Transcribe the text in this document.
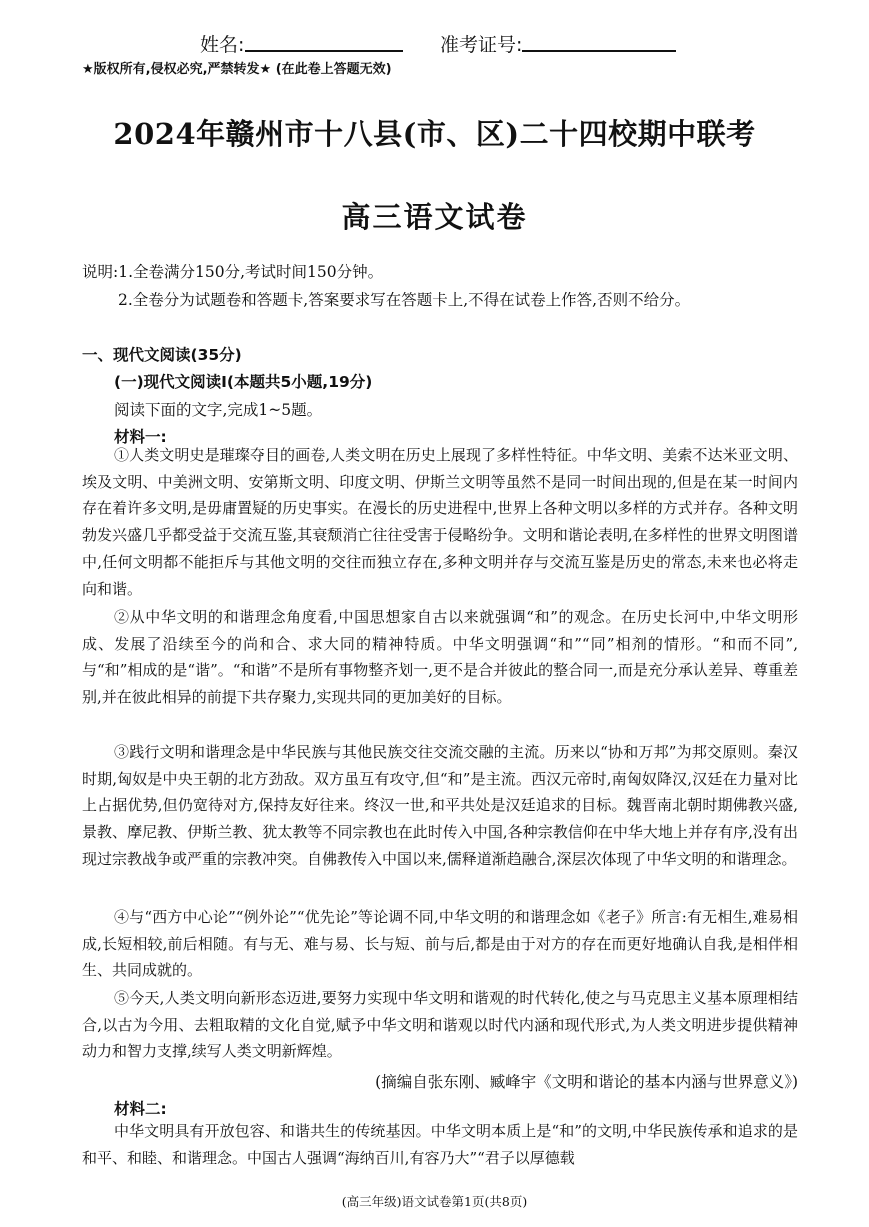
姓名:	准考证号:
★版权所有,侵权必究,严禁转发★ (在此卷上答题无效)
2024年赣州市十八县(市、区)二十四校期中联考
高三语文试卷
说明:1.全卷满分150分,考试时间150分钟。
2.全卷分为试题卷和答题卡,答案要求写在答题卡上,不得在试卷上作答,否则不给分。
一、现代文阅读(35分)
(一)现代文阅读Ⅰ(本题共5小题,19分)
阅读下面的文字,完成1~5题。
材料一:

①人类文明史是璀璨夺目的画卷,人类文明在历史上展现了多样性特征。中华文明、美索不达米亚文明、埃及文明、中美洲文明、安第斯文明、印度文明、伊斯兰文明等虽然不是同一时间出现的,但是在某一时间内存在着许多文明,是毋庸置疑的历史事实。在漫长的历史进程中,世界上各种文明以多样的方式并存。各种文明勃发兴盛几乎都受益于交流互鉴,其衰颓消亡往往受害于侵略纷争。文明和谐论表明,在多样性的世界文明图谱中,任何文明都不能拒斥与其他文明的交往而独立存在,多种文明并存与交流互鉴是历史的常态,未来也必将走向和谐。

②从中华文明的和谐理念角度看,中国思想家自古以来就强调“和”的观念。在历史长河中,中华文明形成、发展了沿续至今的尚和合、求大同的精神特质。中华文明强调“和”“同”相剂的情形。“和而不同”,与“和”相成的是“谐”。“和谐”不是所有事物整齐划一,更不是合并彼此的整合同一,而是充分承认差异、尊重差别,并在彼此相异的前提下共存聚力,实现共同的更加美好的目标。

③践行文明和谐理念是中华民族与其他民族交往交流交融的主流。历来以“协和万邦”为邦交原则。秦汉时期,匈奴是中央王朝的北方劲敌。双方虽互有攻守,但“和”是主流。西汉元帝时,南匈奴降汉,汉廷在力量对比上占据优势,但仍宽待对方,保持友好往来。终汉一世,和平共处是汉廷追求的目标。魏晋南北朝时期佛教兴盛,景教、摩尼教、伊斯兰教、犹太教等不同宗教也在此时传入中国,各种宗教信仰在中华大地上并存有序,没有出现过宗教战争或严重的宗教冲突。自佛教传入中国以来,儒释道渐趋融合,深层次体现了中华文明的和谐理念。

④与“西方中心论”“例外论”“优先论”等论调不同,中华文明的和谐理念如《老子》所言:有无相生,难易相成,长短相较,前后相随。有与无、难与易、长与短、前与后,都是由于对方的存在而更好地确认自我,是相伴相生、共同成就的。

⑤今天,人类文明向新形态迈进,要努力实现中华文明和谐观的时代转化,使之与马克思主义基本原理相结合,以古为今用、去粗取精的文化自觉,赋予中华文明和谐观以时代内涵和现代形式,为人类文明进步提供精神动力和智力支撑,续写人类文明新辉煌。

(摘编自张东刚、臧峰宇《文明和谐论的基本内涵与世界意义》)
材料二:

中华文明具有开放包容、和谐共生的传统基因。中华文明本质上是“和”的文明,中华民族传承和追求的是和平、和睦、和谐理念。中国古人强调“海纳百川,有容乃大”“君子以厚德载

(高三年级)语文试卷第1页(共8页)
